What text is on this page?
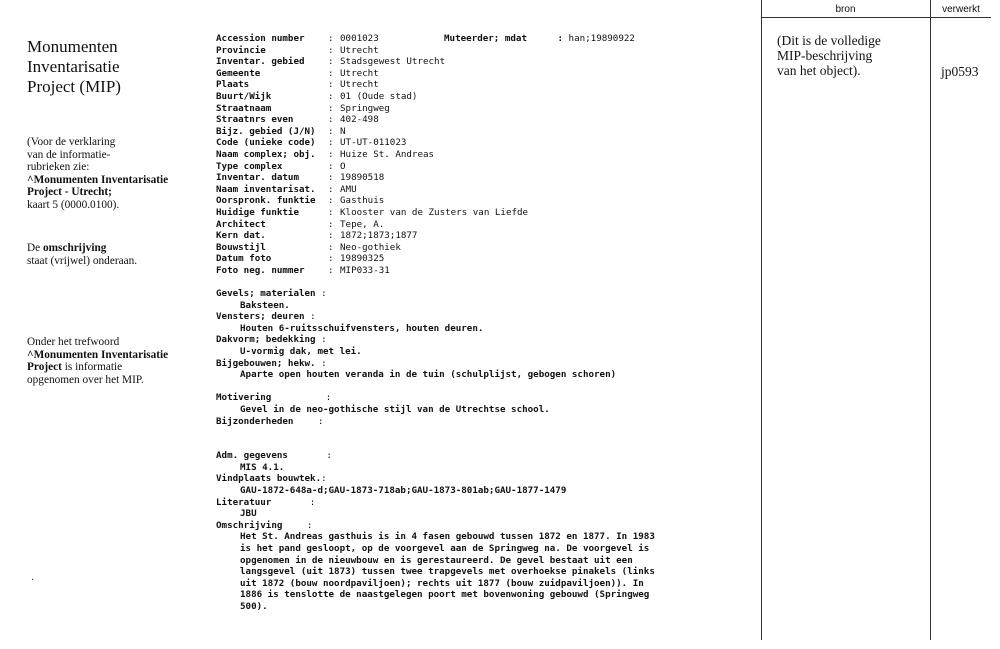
Monumenten
Inventarisatie
Project (MIP)
(Voor de verklaring
van de informatie-
rubrieken zie:
^Monumenten Inventarisatie
Project - Utrecht;
kaart 5 (0000.0100).
De omschrijving
staat (vrijwel) onderaan.
Onder het trefwoord
^Monumenten Inventarisatie
Project is informatie
opgenomen over het MIP.
·
Muteerder; mdat	: han;19890922
Accession number	: 0001023
Provincie	: Utrecht
Inventar. gebied	: Stadsgewest Utrecht
Gemeente	: Utrecht
Plaats	: Utrecht
Buurt/Wijk	: 01 (Oude stad)
Straatnaam	: Springweg
Straatnrs even	: 402-498
Bijz. gebied (J/N)	: N
Code (unieke code)	: UT-UT-011023
Naam complex; obj.	: Huize St. Andreas
Type complex	: O
Inventar. datum	: 19890518
Naam inventarisat.	: AMU
Oorspronk. funktie	: Gasthuis
Huidige funktie	: Klooster van de Zusters van Liefde
Architect	: Tepe, A.
Kern dat.	: 1872;1873;1877
Bouwstijl	: Neo-gothiek
Datum foto	: 19890325
Foto neg. nummer	: MIP033-31
Gevels; materialen :
Baksteen.
Vensters; deuren :
Houten 6-ruitsschuifvensters, houten deuren.
Dakvorm; bedekking :
U-vormig dak, met lei.
Bijgebouwen; hekw. :
Aparte open houten veranda in de tuin (schulplijst, gebogen schoren)
Motivering	:
Gevel in de neo-gothische stijl van de Utrechtse school.
Bijzonderheden	:
Adm. gegevens	:
MIS 4.1.
Vindplaats bouwtek.:
GAU-1872-648a-d;GAU-1873-718ab;GAU-1873-801ab;GAU-1877-1479
Literatuur	:
JBU
Omschrijving	:
Het St. Andreas gasthuis is in 4 fasen gebouwd tussen 1872 en 1877. In 1983
is het pand gesloopt, op de voorgevel aan de Springweg na. De voorgevel is
opgenomen in de nieuwbouw en is gerestaureerd. De gevel bestaat uit een
langsgevel (uit 1873) tussen twee trapgevels met overhoekse pinakels (links
uit 1872 (bouw noordpaviljoen); rechts uit 1877 (bouw zuidpaviljoen)). In
1886 is tenslotte de naastgelegen poort met bovenwoning gebouwd (Springweg
500).
bron	verwerkt
(Dit is de volledige
MIP-beschrijving
van het object).	jp0593
